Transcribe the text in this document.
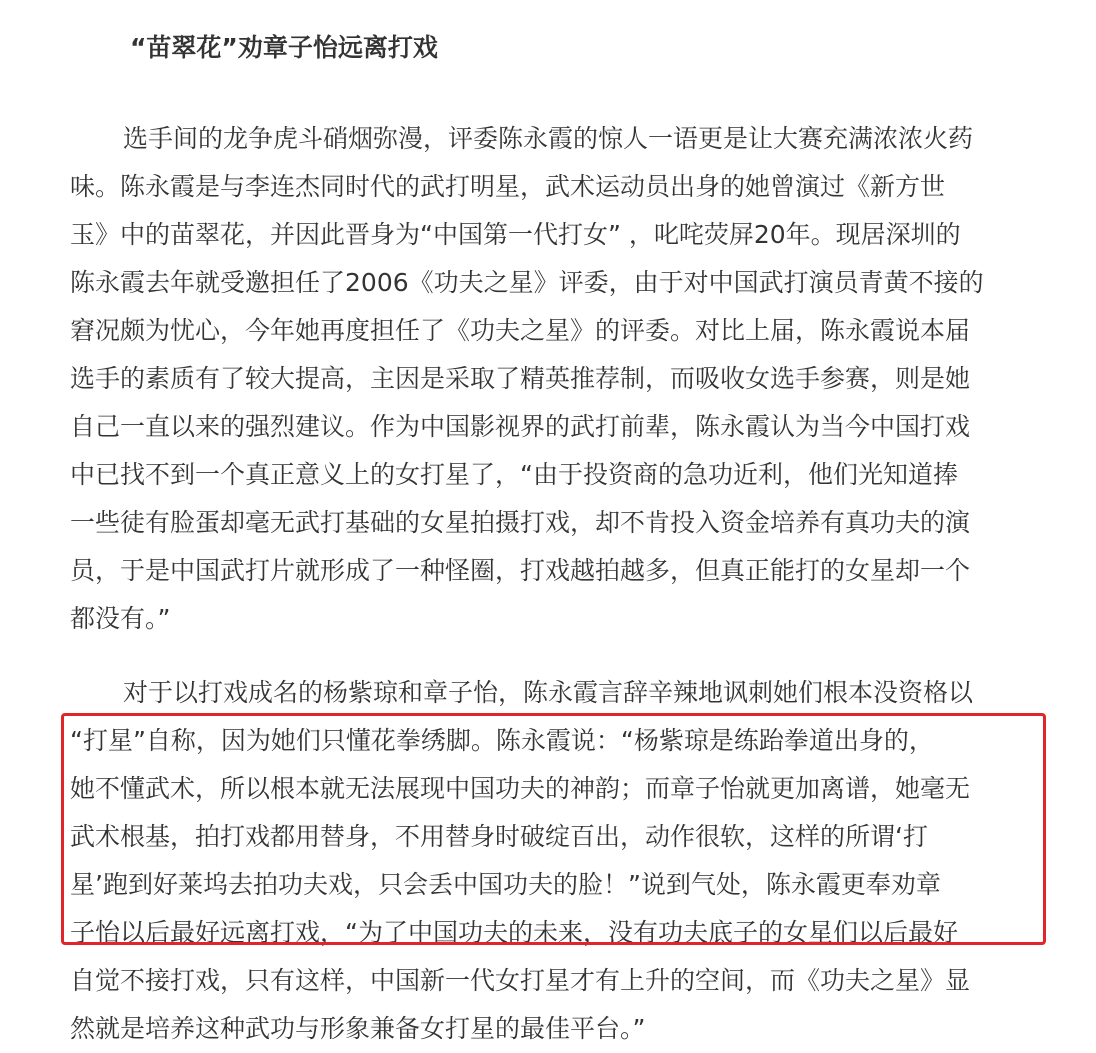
“苗翠花”劝章子怡远离打戏
选手间的龙争虎斗硝烟弥漫，评委陈永霞的惊人一语更是让大赛充满浓浓火药
味。陈永霞是与李连杰同时代的武打明星，武术运动员出身的她曾演过《新方世
玉》中的苗翠花，并因此晋身为“中国第一代打女” ，叱咤荧屏20年。现居深圳的
陈永霞去年就受邀担任了2006《功夫之星》评委，由于对中国武打演员青黄不接的
窘况颇为忧心，今年她再度担任了《功夫之星》的评委。对比上届，陈永霞说本届
选手的素质有了较大提高，主因是采取了精英推荐制，而吸收女选手参赛，则是她
自己一直以来的强烈建议。作为中国影视界的武打前辈，陈永霞认为当今中国打戏
中已找不到一个真正意义上的女打星了，“由于投资商的急功近利，他们光知道捧
一些徒有脸蛋却毫无武打基础的女星拍摄打戏，却不肯投入资金培养有真功夫的演
员，于是中国武打片就形成了一种怪圈，打戏越拍越多，但真正能打的女星却一个
都没有。”
对于以打戏成名的杨紫琼和章子怡，陈永霞言辞辛辣地讽刺她们根本没资格以
“打星”自称，因为她们只懂花拳绣脚。陈永霞说：“杨紫琼是练跆拳道出身的，
她不懂武术，所以根本就无法展现中国功夫的神韵；而章子怡就更加离谱，她毫无
武术根基，拍打戏都用替身，不用替身时破绽百出，动作很软，这样的所谓‘打
星’跑到好莱坞去拍功夫戏，只会丢中国功夫的脸！”说到气处，陈永霞更奉劝章
子怡以后最好远离打戏，“为了中国功夫的未来，没有功夫底子的女星们以后最好
自觉不接打戏，只有这样，中国新一代女打星才有上升的空间，而《功夫之星》显
然就是培养这种武功与形象兼备女打星的最佳平台。”
